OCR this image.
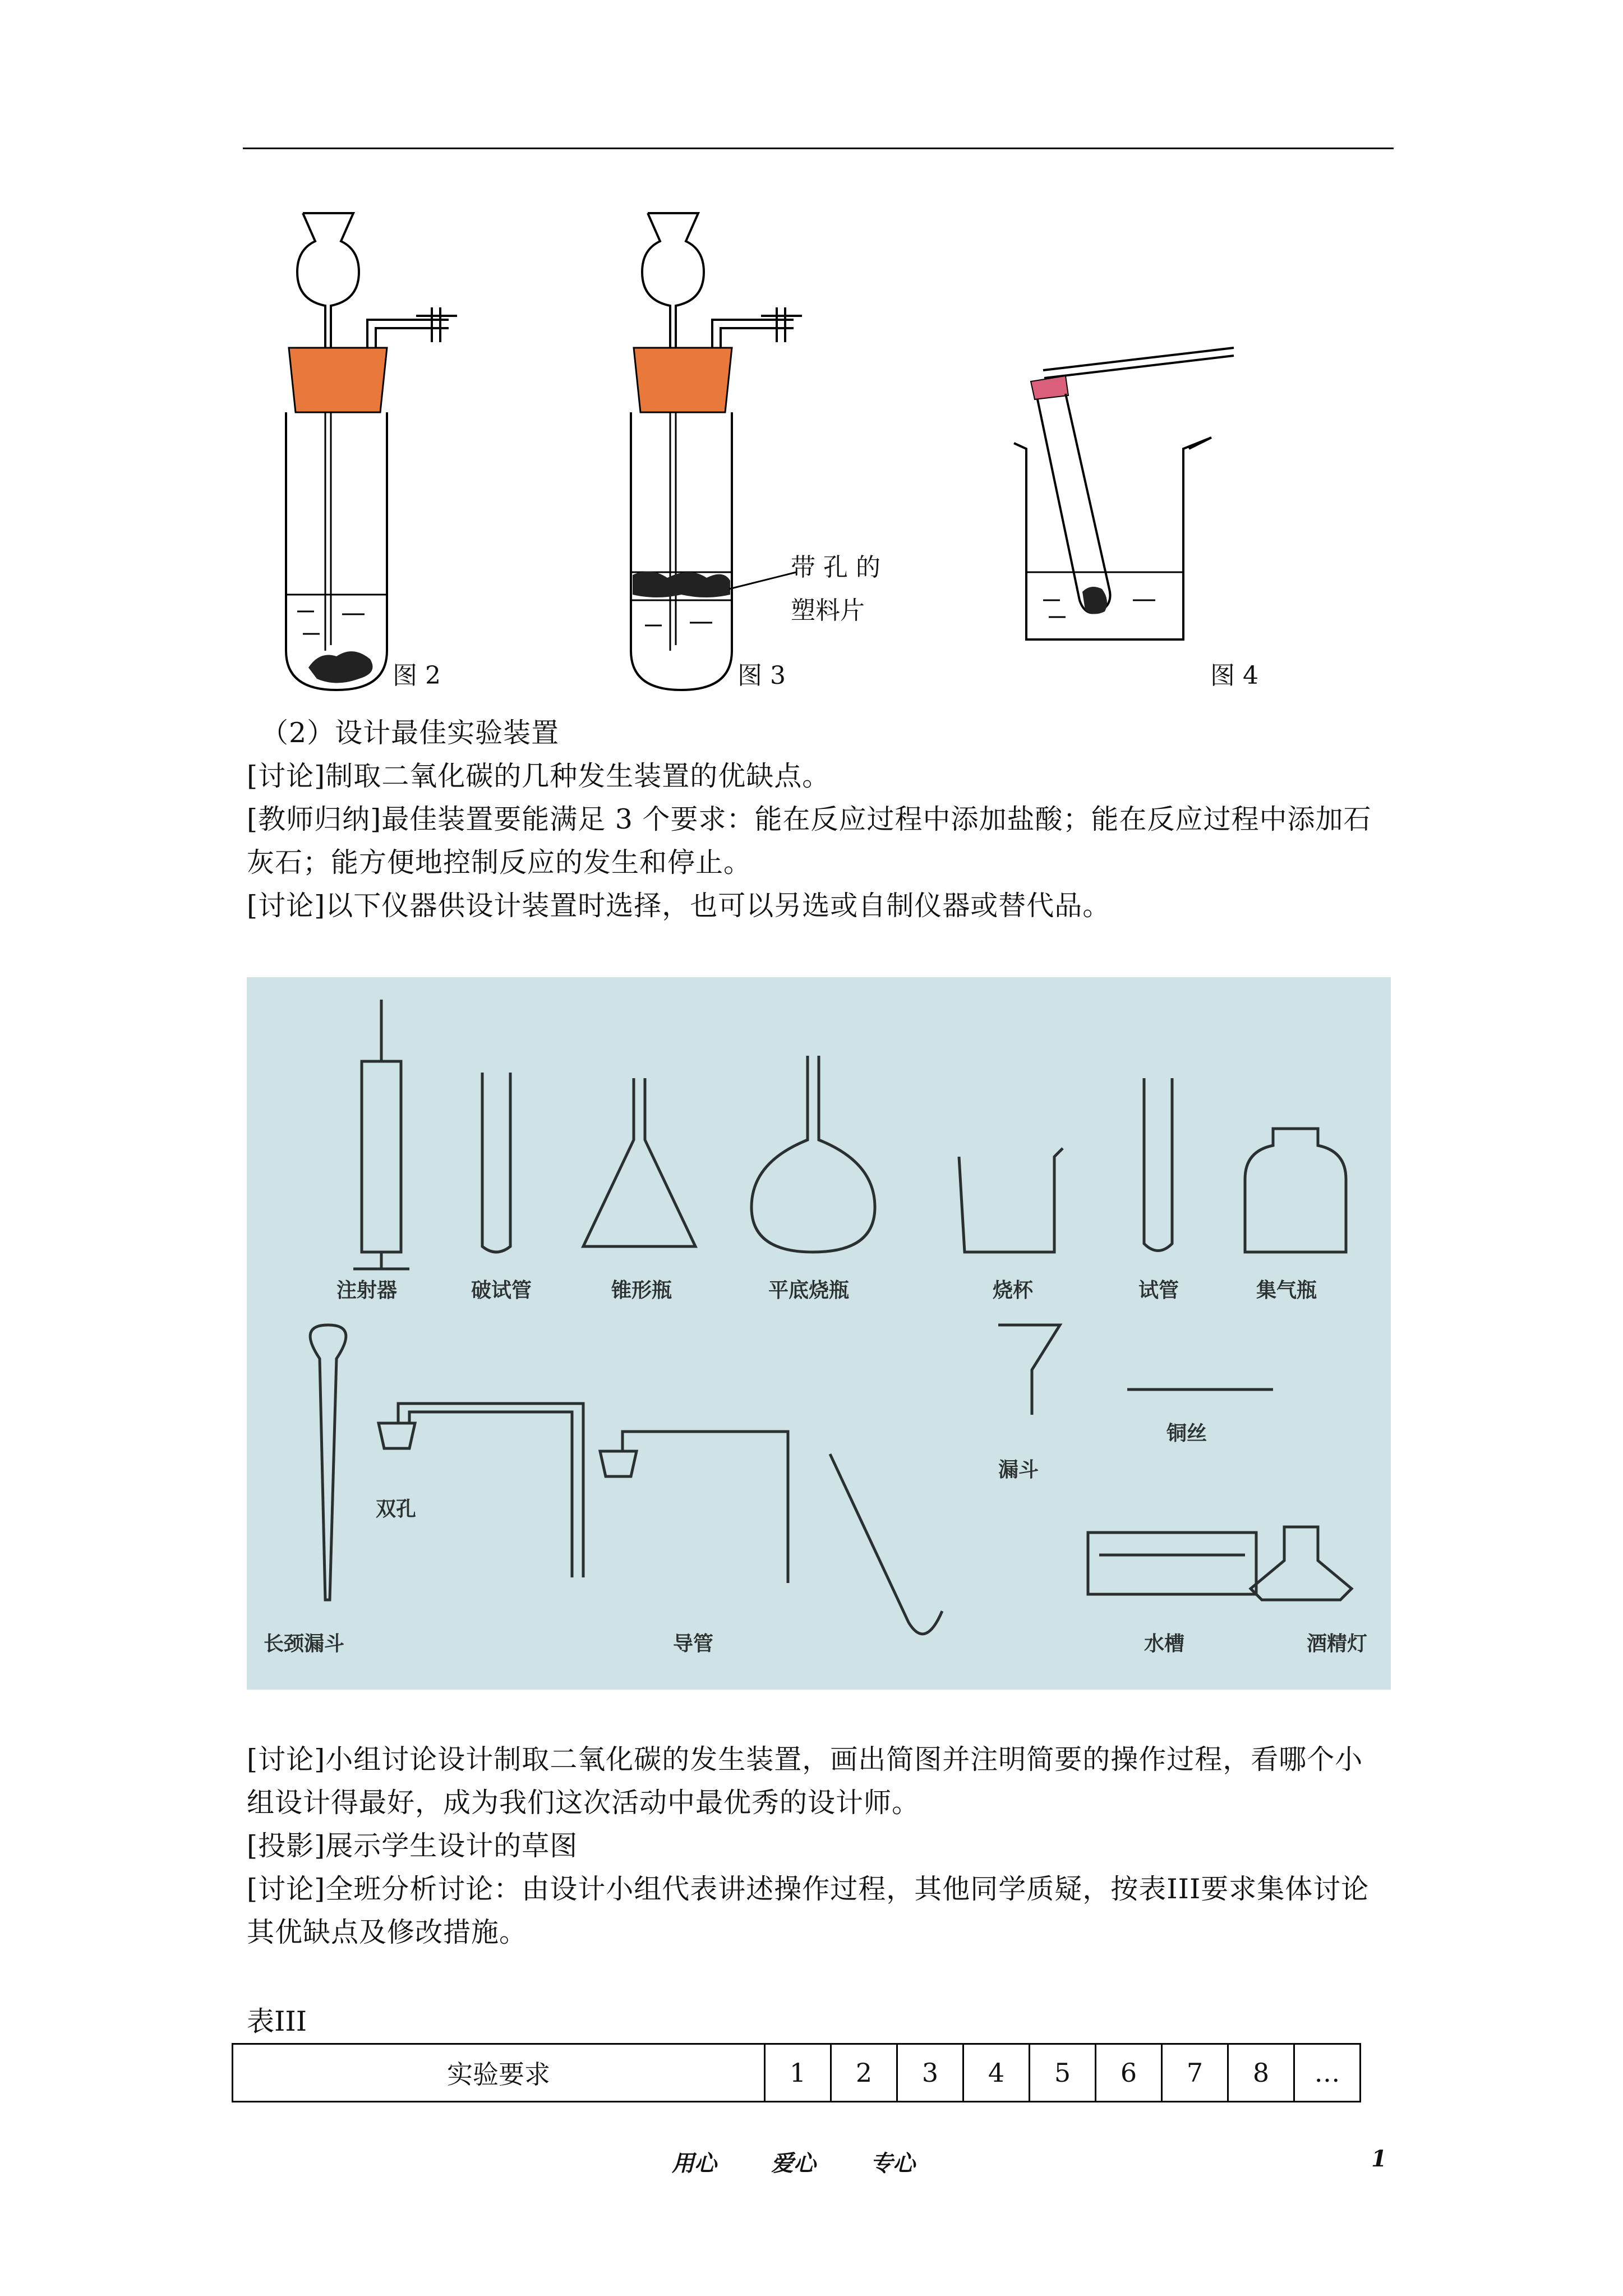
图 2
带 孔 的
塑料片
图 3	图 4
（2）设计最佳实验装置
[讨论]制取二氧化碳的几种发生装置的优缺点。
[教师归纳]最佳装置要能满足 3 个要求：能在反应过程中添加盐酸；能在反应过程中添加石
灰石；能方便地控制反应的发生和停止。
[讨论]以下仪器供设计装置时选择，也可以另选或自制仪器或替代品。
注射器	破试管	锥形瓶	平底烧瓶	烧杯	试管	集气瓶
长颈漏斗
双孔
导管
漏斗
铜丝
水槽	酒精灯
[讨论]小组讨论设计制取二氧化碳的发生装置，画出简图并注明简要的操作过程，看哪个小
组设计得最好，成为我们这次活动中最优秀的设计师。
[投影]展示学生设计的草图
[讨论]全班分析讨论：由设计小组代表讲述操作过程，其他同学质疑，按表III要求集体讨论
其优缺点及修改措施。
表III
实验要求	1	2	3	4	5	6	7	8	…
用心 爱心 专心	1
